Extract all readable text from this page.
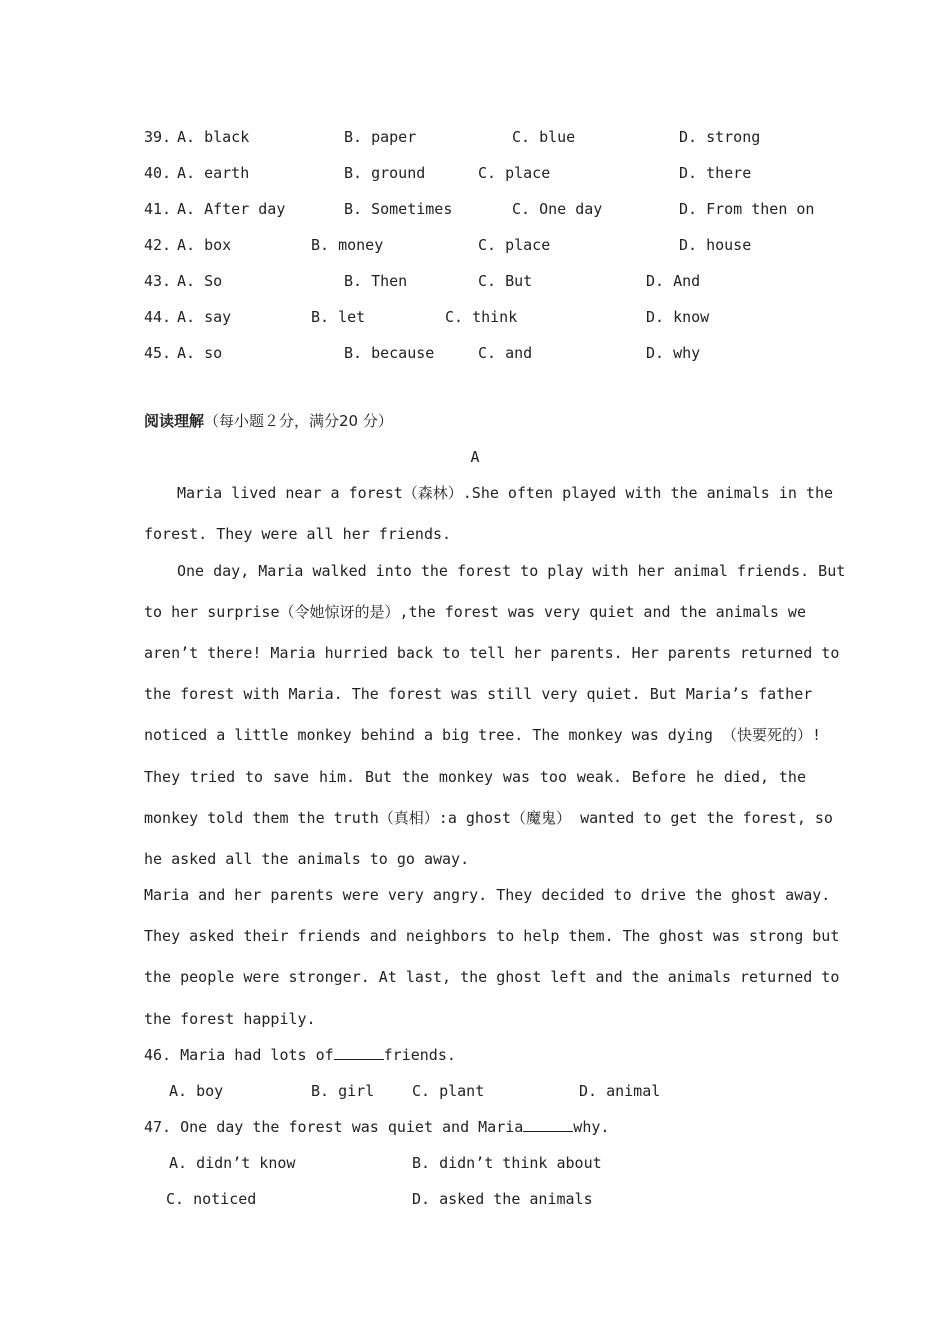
39. A. black	B. paper	C. blue	D. strong
40. A. earth	B. ground	C. place	D. there
41. A. After day	B. Sometimes	C. One day	D. From then on
42. A. box	B. money	C. place	D. house
43. A. So	B. Then	C. But	D. And
44. A. say	B. let	C. think	D. know
45. A. so	B. because	C. and	D. why
阅读理解（每小题２分，满分20 分）
A
Maria lived near a forest（森林）.She often played with the animals in the
forest. They were all her friends.
One day, Maria walked into the forest to play with her animal friends. But
to her surprise（令她惊讶的是）,the forest was very quiet and the animals we
aren’t there! Maria hurried back to tell her parents. Her parents returned to
the forest with Maria. The forest was still very quiet. But Maria’s father
noticed a little monkey behind a big tree. The monkey was dying （快要死的）!
They tried to save him. But the monkey was too weak. Before he died, the
monkey told them the truth（真相）:a ghost（魔鬼） wanted to get the forest, so
he asked all the animals to go away.
Maria and her parents were very angry. They decided to drive the ghost away.
They asked their friends and neighbors to help them. The ghost was strong but
the people were stronger. At last, the ghost left and the animals returned to
the forest happily.
46. Maria had lots of	friends.
A. boy	B. girl	C. plant	D. animal
47. One day the forest was quiet and Maria	why.
A. didn’t know	B. didn’t think about
C. noticed	D. asked the animals
